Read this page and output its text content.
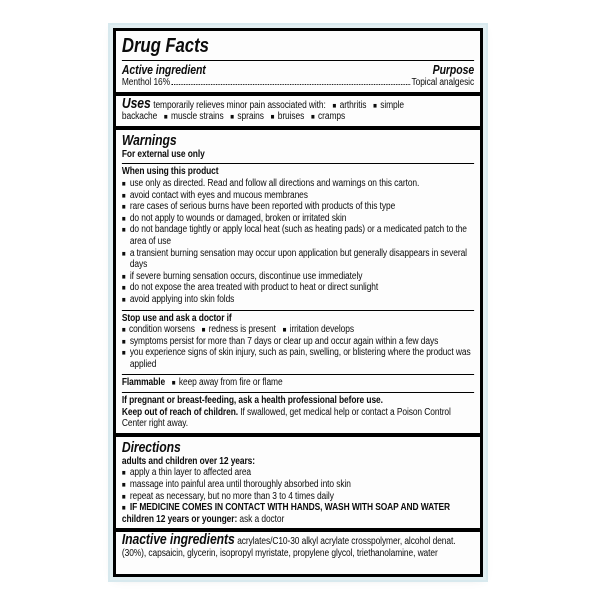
Drug Facts
Active ingredient	Purpose
Menthol 16%	Topical analgesic
Uses temporarily relieves minor pain associated with: ■ arthritis ■ simple backache ■ muscle strains ■ sprains ■ bruises ■ cramps
Warnings
For external use only
When using this product
■ use only as directed. Read and follow all directions and warnings on this carton.
■ avoid contact with eyes and mucous membranes
■ rare cases of serious burns have been reported with products of this type
■ do not apply to wounds or damaged, broken or irritated skin
■ do not bandage tightly or apply local heat (such as heating pads) or a medicated patch to the area of use
■ a transient burning sensation may occur upon application but generally disappears in several days
■ if severe burning sensation occurs, discontinue use immediately
■ do not expose the area treated with product to heat or direct sunlight
■ avoid applying into skin folds
Stop use and ask a doctor if
■ condition worsens ■ redness is present ■ irritation develops
■ symptoms persist for more than 7 days or clear up and occur again within a few days
■ you experience signs of skin injury, such as pain, swelling, or blistering where the product was applied
Flammable ■ keep away from fire or flame
If pregnant or breast-feeding, ask a health professional before use.
Keep out of reach of children. If swallowed, get medical help or contact a Poison Control Center right away.
Directions
adults and children over 12 years:
■ apply a thin layer to affected area
■ massage into painful area until thoroughly absorbed into skin
■ repeat as necessary, but no more than 3 to 4 times daily
■ IF MEDICINE COMES IN CONTACT WITH HANDS, WASH WITH SOAP AND WATER
children 12 years or younger: ask a doctor
Inactive ingredients acrylates/C10-30 alkyl acrylate crosspolymer, alcohol denat. (30%), capsaicin, glycerin, isopropyl myristate, propylene glycol, triethanolamine, water
